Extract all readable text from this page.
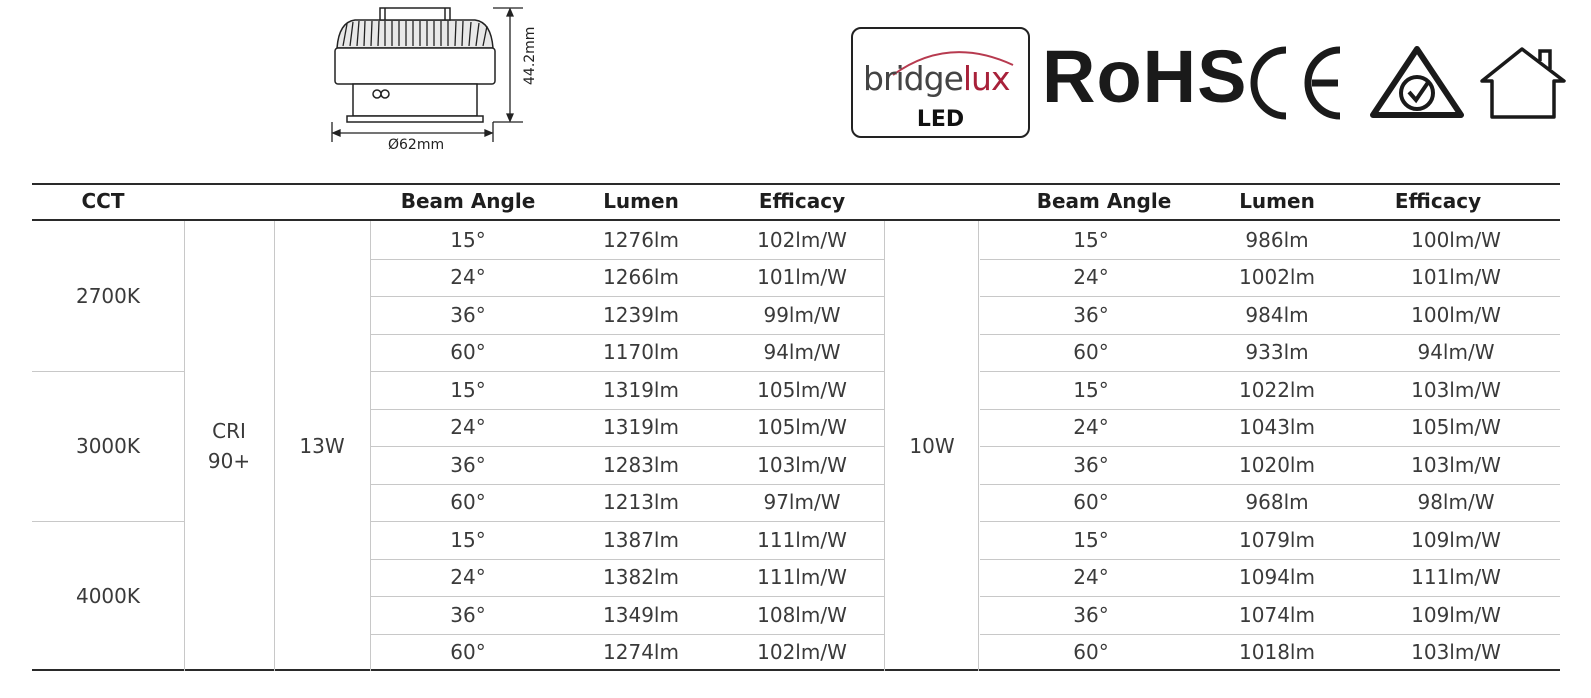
Ø62mm
44.2mm	bridgelux
LED
RoHS
CCT	Beam Angle	Lumen	Efficacy	Beam Angle	Lumen	Efficacy
2700K
15°	1276lm	102lm/W	15°	986lm	100lm/W
24°	1266lm	101lm/W	24°	1002lm	101lm/W
36°	1239lm	99lm/W	36°	984lm	100lm/W
60°	1170lm	94lm/W	60°	933lm	94lm/W
3000K
15°	1319lm	105lm/W	15°	1022lm	103lm/W
24°	1319lm	105lm/W	24°	1043lm	105lm/W
36°	1283lm	103lm/W	36°	1020lm	103lm/W
60°	1213lm	97lm/W	60°	968lm	98lm/W
4000K
15°	1387lm	111lm/W	15°	1079lm	109lm/W
24°	1382lm	111lm/W	24°	1094lm	111lm/W
36°	1349lm	108lm/W	36°	1074lm	109lm/W
60°	1274lm	102lm/W	60°	1018lm	103lm/W
CRI
90+
13W	10W
